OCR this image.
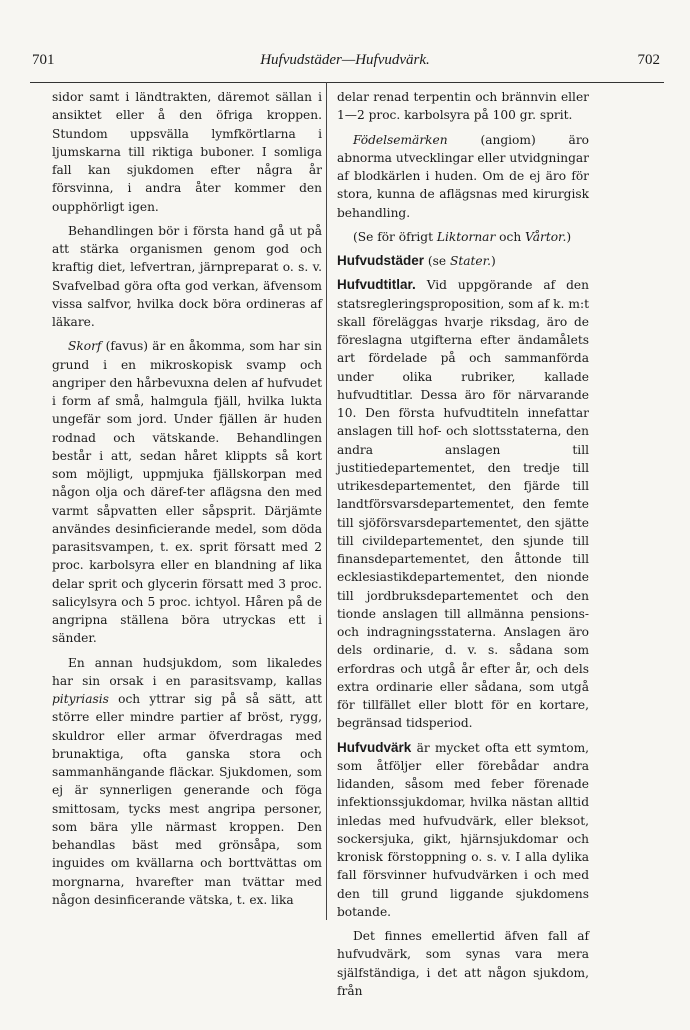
701	Hufvudstäder—Hufvudvärk.	702

sidor samt i ländtrakten, däremot sällan i ansiktet eller å den öfriga kroppen. Stundom uppsvälla lymfkörtlarna i ljumskarna till riktiga buboner. I somliga fall kan sjukdomen efter några år försvinna, i andra åter kommer den oupphörligt igen.

Behandlingen bör i första hand gå ut på att stärka organismen genom god och kraftig diet, lefvertran, järnpreparat o. s. v. Svafvelbad göra ofta god verkan, äfvensom vissa salfvor, hvilka dock böra ordineras af läkare.

Skorf (favus) är en åkomma, som har sin grund i en mikroskopisk svamp och angriper den hårbevuxna delen af hufvudet i form af små, halmgula fjäll, hvilka lukta ungefär som jord. Under fjällen är huden rodnad och vätskande. Behandlingen består i att, sedan håret klippts så kort som möjligt, uppmjuka fjällskorpan med någon olja och däref-ter aflägsna den med varmt såpvatten eller såpsprit. Därjämte användes desinficierande medel, som döda parasitsvampen, t. ex. sprit försatt med 2 proc. karbolsyra eller en blandning af lika delar sprit och glycerin försatt med 3 proc. salicylsyra och 5 proc. ichtyol. Håren på de angripna ställena böra utryckas ett i sänder.

En annan hudsjukdom, som likaledes har sin orsak i en parasitsvamp, kallas pityriasis och yttrar sig på så sätt, att större eller mindre partier af bröst, rygg, skuldror eller armar öfverdragas med brunaktiga, ofta ganska stora och sammanhängande fläckar. Sjukdomen, som ej är synnerligen generande och föga smittosam, tycks mest angripa personer, som bära ylle närmast kroppen. Den behandlas bäst med grönsåpa, som inguides om kvällarna och borttvättas om morgnarna, hvarefter man tvättar med någon desinficerande vätska, t. ex. lika

delar renad terpentin och brännvin eller 1—2 proc. karbolsyra på 100 gr. sprit.

Födelsemärken (angiom) äro abnorma utvecklingar eller utvidgningar af blodkärlen i huden. Om de ej äro för stora, kunna de aflägsnas med kirurgisk behandling.

(Se för öfrigt Liktornar och Vårtor.)

Hufvudstäder (se Stater.)

Hufvudtitlar. Vid uppgörande af den statsregleringsproposition, som af k. m:t skall föreläggas hvarje riksdag, äro de föreslagna utgifterna efter ändamålets art fördelade på och sammanförda under olika rubriker, kallade hufvudtitlar. Dessa äro för närvarande 10. Den första hufvudtiteln innefattar anslagen till hof- och slottsstaterna, den andra anslagen till justitiedepartementet, den tredje till utrikesdepartementet, den fjärde till landtförsvarsdepartementet, den femte till sjöförsvarsdepartementet, den sjätte till civildepartementet, den sjunde till finansdepartementet, den åttonde till ecklesiastikdepartementet, den nionde till jordbruksdepartementet och den tionde anslagen till allmänna pensions- och indragningsstaterna. Anslagen äro dels ordinarie, d. v. s. sådana som erfordras och utgå år efter år, och dels extra ordinarie eller sådana, som utgå för tillfället eller blott för en kortare, begränsad tidsperiod.

Hufvudvärk är mycket ofta ett symtom, som åtföljer eller förebådar andra lidanden, såsom med feber förenade infektionssjukdomar, hvilka nästan alltid inledas med hufvudvärk, eller bleksot, sockersjuka, gikt, hjärnsjukdomar och kronisk förstoppning o. s. v. I alla dylika fall försvinner hufvudvärken i och med den till grund liggande sjukdomens botande.

Det finnes emellertid äfven fall af hufvudvärk, som synas vara mera själfständiga, i det att någon sjukdom, från
